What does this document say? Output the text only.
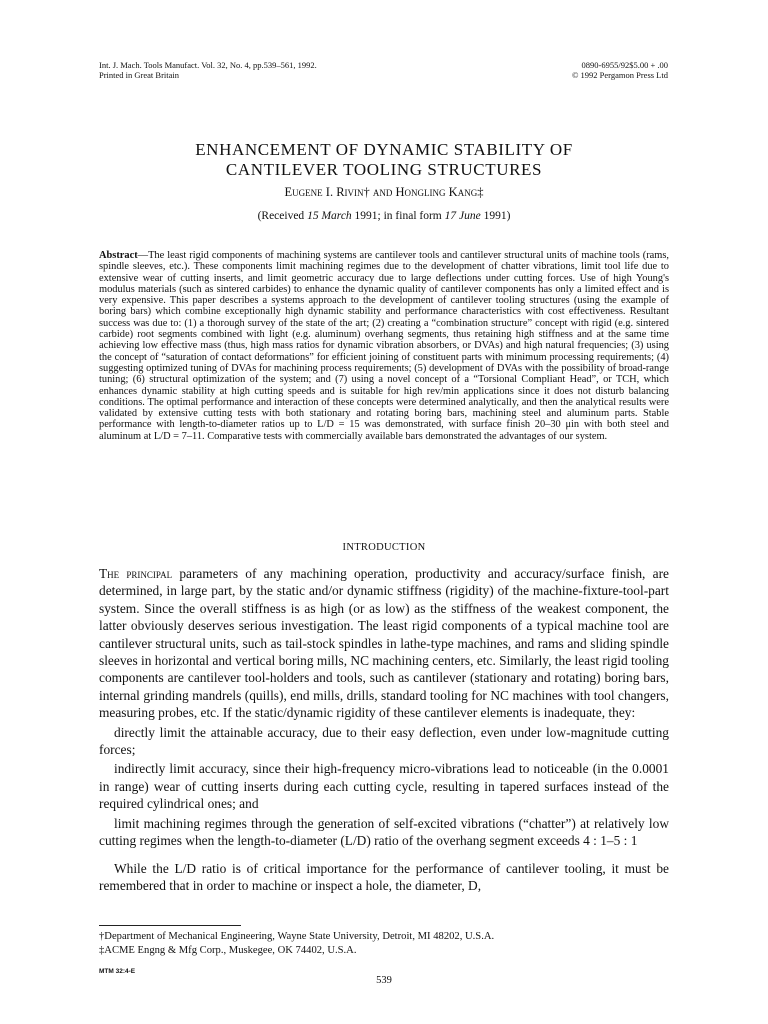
Int. J. Mach. Tools Manufact. Vol. 32, No. 4, pp.539–561, 1992.
Printed in Great Britain
0890-6955/92$5.00 + .00
© 1992 Pergamon Press Ltd
ENHANCEMENT OF DYNAMIC STABILITY OF
CANTILEVER TOOLING STRUCTURES
Eugene I. Rivin† and Hongling Kang‡
(Received 15 March 1991; in final form 17 June 1991)
Abstract—The least rigid components of machining systems are cantilever tools and cantilever structural units of machine tools (rams, spindle sleeves, etc.). These components limit machining regimes due to the development of chatter vibrations, limit tool life due to extensive wear of cutting inserts, and limit geometric accuracy due to large deflections under cutting forces. Use of high Young's modulus materials (such as sintered carbides) to enhance the dynamic quality of cantilever components has only a limited effect and is very expensive. This paper describes a systems approach to the development of cantilever tooling structures (using the example of boring bars) which combine exceptionally high dynamic stability and performance characteristics with cost effectiveness. Resultant success was due to: (1) a thorough survey of the state of the art; (2) creating a “combination structure” concept with rigid (e.g. sintered carbide) root segments combined with light (e.g. aluminum) overhang segments, thus retaining high stiffness and at the same time achieving low effective mass (thus, high mass ratios for dynamic vibration absorbers, or DVAs) and high natural frequencies; (3) using the concept of “saturation of contact deformations” for efficient joining of constituent parts with minimum processing requirements; (4) suggesting optimized tuning of DVAs for machining process requirements; (5) development of DVAs with the possibility of broad-range tuning; (6) structural optimization of the system; and (7) using a novel concept of a “Torsional Compliant Head”, or TCH, which enhances dynamic stability at high cutting speeds and is suitable for high rev/min applications since it does not disturb balancing conditions. The optimal performance and interaction of these concepts were determined analytically, and then the analytical results were validated by extensive cutting tests with both stationary and rotating boring bars, machining steel and aluminum parts. Stable performance with length-to-diameter ratios up to L/D = 15 was demonstrated, with surface finish 20–30 μin with both steel and aluminum at L/D = 7–11. Comparative tests with commercially available bars demonstrated the advantages of our system.
INTRODUCTION

The principal parameters of any machining operation, productivity and accuracy/surface finish, are determined, in large part, by the static and/or dynamic stiffness (rigidity) of the machine-fixture-tool-part system. Since the overall stiffness is as high (or as low) as the stiffness of the weakest component, the latter obviously deserves serious investigation. The least rigid components of a typical machine tool are cantilever structural units, such as tail-stock spindles in lathe-type machines, and rams and sliding spindle sleeves in horizontal and vertical boring mills, NC machining centers, etc. Similarly, the least rigid tooling components are cantilever tool-holders and tools, such as cantilever (stationary and rotating) boring bars, internal grinding mandrels (quills), end mills, drills, standard tooling for NC machines with tool changers, measuring probes, etc. If the static/dynamic rigidity of these cantilever elements is inadequate, they:

directly limit the attainable accuracy, due to their easy deflection, even under low-magnitude cutting forces;

indirectly limit accuracy, since their high-frequency micro-vibrations lead to noticeable (in the 0.0001 in range) wear of cutting inserts during each cutting cycle, resulting in tapered surfaces instead of the required cylindrical ones; and

limit machining regimes through the generation of self-excited vibrations (“chatter”) at relatively low cutting regimes when the length-to-diameter (L/D) ratio of the overhang segment exceeds 4 : 1–5 : 1

While the L/D ratio is of critical importance for the performance of cantilever tooling, it must be remembered that in order to machine or inspect a hole, the diameter, D,

†Department of Mechanical Engineering, Wayne State University, Detroit, MI 48202, U.S.A.
‡ACME Engng & Mfg Corp., Muskegee, OK 74402, U.S.A.
MTM 32:4-E
539
